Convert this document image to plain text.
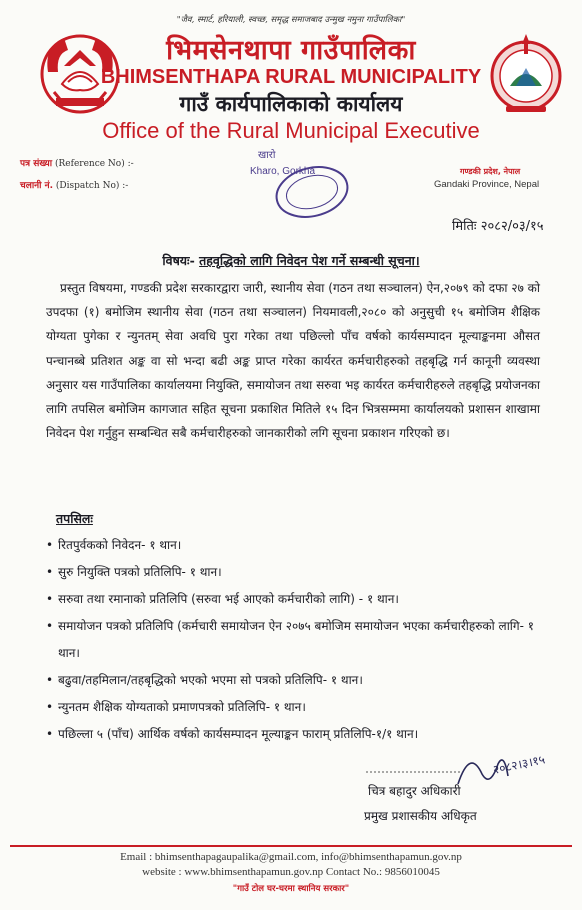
"जैव, स्मार्ट, हरियाली, स्वच्छ, समृद्ध समाजबाद उन्मुख नमुना गाउँपालिका"
भिमसेनथापा गाउँपालिका
BHIMSENTHAPA RURAL MUNICIPALITY
गाउँ कार्यपालिकाको कार्यालय
Office of the Rural Municipal Executive
पत्र संख्या (Reference No) :-
चलानी नं. (Dispatch No) :-
गण्डकी प्रदेश, नेपाल
Gandaki Province, Nepal
खारो
Kharo, Gorkha
मितिः २०८२/०३/१५
विषयः- तहवृद्धिको लागि निवेदन पेश गर्ने सम्बन्धी सूचना।
प्रस्तुत विषयमा, गण्डकी प्रदेश सरकारद्वारा जारी, स्थानीय सेवा (गठन तथा सञ्चालन) ऐन,२०७९ को दफा २७ को उपदफा (१) बमोजिम स्थानीय सेवा (गठन तथा सञ्चालन) नियमावली,२०८० को अनुसुची १५ बमोजिम शैक्षिक योग्यता पुगेका र न्युनतम् सेवा अवधि पुरा गरेका तथा पछिल्लो पाँच वर्षको कार्यसम्पादन मूल्याङ्कनमा औसत पन्चानब्बे प्रतिशत अङ्क वा सो भन्दा बढी अङ्क प्राप्त गरेका कार्यरत कर्मचारीहरुको तहबृद्धि गर्न कानूनी व्यवस्था अनुसार यस गाउँपालिका कार्यालयमा नियुक्ति, समायोजन तथा सरुवा भइ कार्यरत कर्मचारीहरुले तहबृद्धि प्रयोजनका लागि तपसिल बमोजिम कागजात सहित सूचना प्रकाशित मितिले १५ दिन भित्रसम्ममा कार्यालयको प्रशासन शाखामा निवेदन पेश गर्नुहुन सम्बन्धित सबै कर्मचारीहरुको जानकारीको लगि सूचना प्रकाशन गरिएको छ।
तपसिलः
• रितपुर्वकको निवेदन- १ थान।
• सुरु नियुक्ति पत्रको प्रतिलिपि- १ थान।
• सरुवा तथा रमानाको प्रतिलिपि (सरुवा भई आएको कर्मचारीको लागि) - १ थान।
• समायोजन पत्रको प्रतिलिपि (कर्मचारी समायोजन ऐन २०७५ बमोजिम समायोजन भएका कर्मचारीहरुको लागि- १ थान।
• बढुवा/तहमिलान/तहबृद्धिको भएको भएमा सो पत्रको प्रतिलिपि- १ थान।
• न्युनतम शैक्षिक योग्यताको प्रमाणपत्रको प्रतिलिपि- १ थान।
• पछिल्ला ५ (पाँच) आर्थिक वर्षको कार्यसम्पादन मूल्याङ्कन फाराम् प्रतिलिपि-१/१ थान।
२०८२।३।१५
चित्र बहादुर अधिकारी
प्रमुख प्रशासकीय अधिकृत
Email : bhimsenthapagaupalika@gmail.com, info@bhimsenthapamun.gov.np
website : www.bhimsenthapamun.gov.np Contact No.: 9856010045
"गाउँ टोल घर-घरमा स्थानिय सरकार"
